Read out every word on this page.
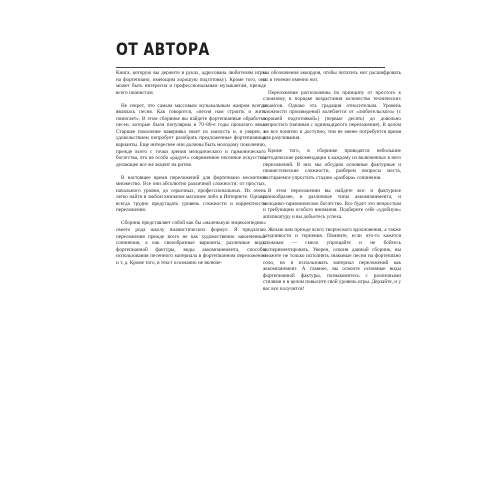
ОТ АВТОРА

Книга, которую вы держите в руках, адресована любителям игры на фортепиано, имеющим хорошую подготовку). Кроме того, она может быть интересна и профессиональным музыкантам, прежде всего пианистам.

Не секрет, что самым массовым музыкальным жанром всегда являлась песня. Как говорится, «песня нам строить и жить помогает». В этом сборнике вы найдете фортепианные обработки песен, которые были популярны в 70–80-е годы прошлого века. Старшее поколение наверняка знает их наизусть и, я уверен, с удовольствием попробует разобрать предложенные фортепианные варианты. Еще интереснее они должны быть молодому поколению, прежде всего с точки зрения мелодического и гармонического богатства, что не особо «радует» современное песенное искусство, делающее все же акцент на ритме.

В настоящее время переложений для фортепиано несметное множество. Все они абсолютно различной сложности: от простых, начального уровня, до серьезных, профессиональных. Их очень легко найти в любом книжном магазине либо в Интернете. Однако всегда трудно предугадать уровень сложности и корректности переложения.

Сборник представляет собой как бы «маленькую энциклопедию» своего рода школу пианистических формул. Я предлагаю переложения прежде всего не как художественно законченные сочинения, а как своеобразные варианты, различные виды фортепианной фактуры, виды аккомпанемента, способы использования песенного материала в фортепианном переложении и т. д. Кроме того, в текст осознанно не включе-

ны обозначения аккордов, чтобы читатель мог расшифровать их в течение именно нот.

Переложения расположены по принципу от простого к сложному, в порядке возрастания количества технических нюансов. Однако эта градация относительна. Уровень сложности произведений колеблется от «любительского» (с хорошей подготовкой») (первые десять) до довольно непростого (начиная с одиннадцатого переложения). В целом же все понятно и доступно, тем не менее потребуется время для разучивания.

Кроме того, в сборнике приводятся небольшие методические рекомендации к каждому из включенных в него переложений. В них мы обсудим основные фактурные и пианистические сложности, разберем вопросы места, постараемся упростить стадию «разбора» сочинения.

В этом переложении вы найдете все: и фактурное разнообразие, и различные типы аккомпанемента, и мелодико-гармоническое богатство. Все будет это непростым и требующим особого внимания. Подберите себе «удобную» аппликатуру и вы добьетесь успеха.

Желаю вам прежде всего творческого вдохновения, а также усидчивости и терпения. Помните, если что-то кажется сложным — смело упрощайте и не бойтесь экспериментировать. Уверен, освоив данный сборник, вы сможете не только исполнять знакомые песни на фортепиано соло, но и использовать материал переложений как аккомпанемент. А главное, вы освоите основные виды фортепианной фактуры, познакомитесь с различными стилями и в целом повысите свой уровень игры. Дерзайте, и у вас все получится!
